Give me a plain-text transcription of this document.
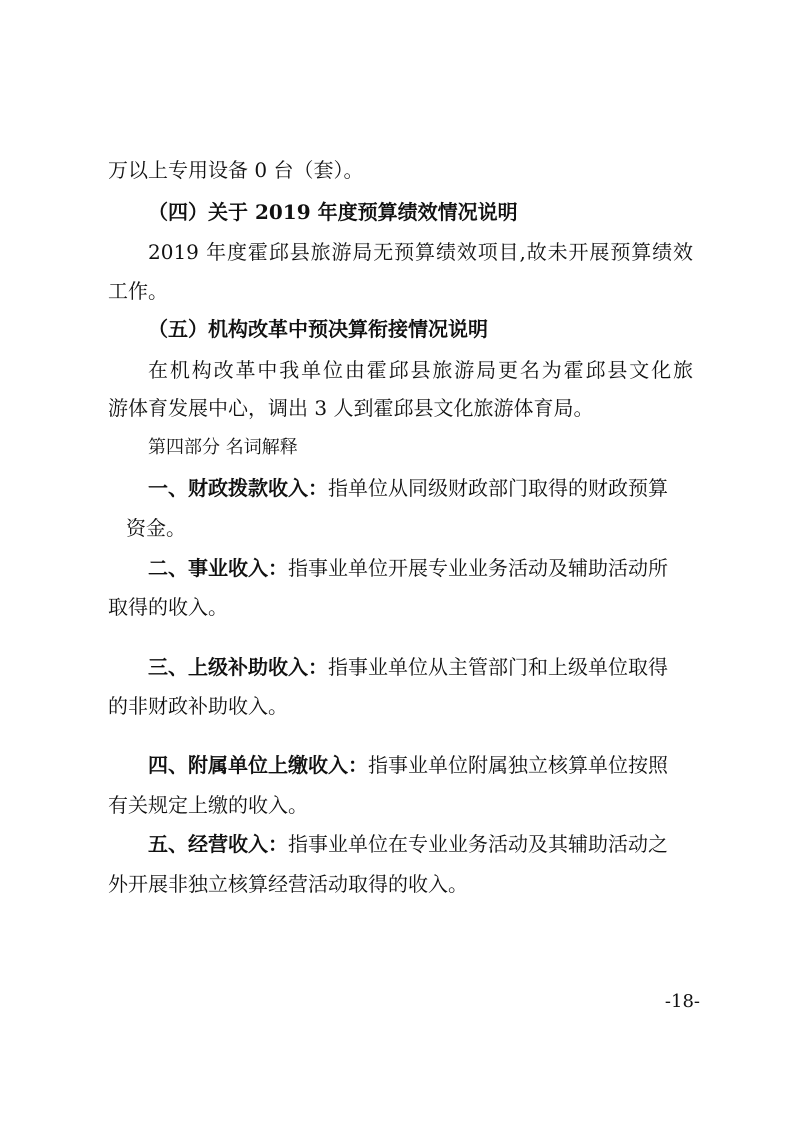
万以上专用设备 0 台（套）。
（四）关于 2019 年度预算绩效情况说明
2019 年度霍邱县旅游局无预算绩效项目,故未开展预算绩效
工作。
（五）机构改革中预决算衔接情况说明
在机构改革中我单位由霍邱县旅游局更名为霍邱县文化旅
游体育发展中心，调出 3 人到霍邱县文化旅游体育局。
第四部分 名词解释
一、财政拨款收入：指单位从同级财政部门取得的财政预算
资金。
二、事业收入：指事业单位开展专业业务活动及辅助活动所
取得的收入。
三、上级补助收入：指事业单位从主管部门和上级单位取得
的非财政补助收入。
四、附属单位上缴收入：指事业单位附属独立核算单位按照
有关规定上缴的收入。
五、经营收入：指事业单位在专业业务活动及其辅助活动之
外开展非独立核算经营活动取得的收入。
-18-
